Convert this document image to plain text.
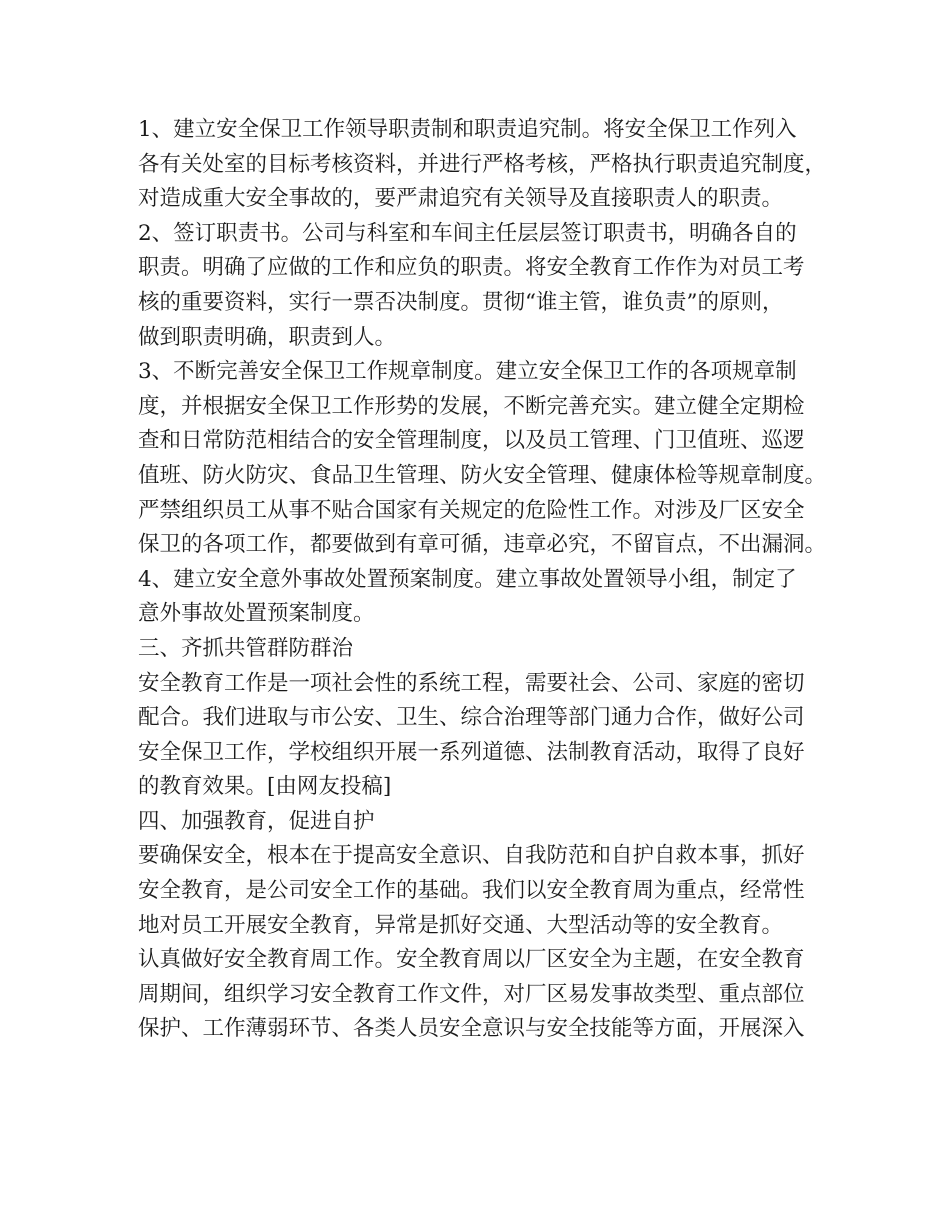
1、建立安全保卫工作领导职责制和职责追究制。将安全保卫工作列入
各有关处室的目标考核资料，并进行严格考核，严格执行职责追究制度，
对造成重大安全事故的，要严肃追究有关领导及直接职责人的职责。
2、签订职责书。公司与科室和车间主任层层签订职责书，明确各自的
职责。明确了应做的工作和应负的职责。将安全教育工作作为对员工考
核的重要资料，实行一票否决制度。贯彻“谁主管，谁负责”的原则，
做到职责明确，职责到人。
3、不断完善安全保卫工作规章制度。建立安全保卫工作的各项规章制
度，并根据安全保卫工作形势的发展，不断完善充实。建立健全定期检
查和日常防范相结合的安全管理制度，以及员工管理、门卫值班、巡逻
值班、防火防灾、食品卫生管理、防火安全管理、健康体检等规章制度。
严禁组织员工从事不贴合国家有关规定的危险性工作。对涉及厂区安全
保卫的各项工作，都要做到有章可循，违章必究，不留盲点，不出漏洞。
4、建立安全意外事故处置预案制度。建立事故处置领导小组，制定了
意外事故处置预案制度。
三、齐抓共管群防群治
安全教育工作是一项社会性的系统工程，需要社会、公司、家庭的密切
配合。我们进取与市公安、卫生、综合治理等部门通力合作，做好公司
安全保卫工作，学校组织开展一系列道德、法制教育活动，取得了良好
的教育效果。[由网友投稿]
四、加强教育，促进自护
要确保安全，根本在于提高安全意识、自我防范和自护自救本事，抓好
安全教育，是公司安全工作的基础。我们以安全教育周为重点，经常性
地对员工开展安全教育，异常是抓好交通、大型活动等的安全教育。
认真做好安全教育周工作。安全教育周以厂区安全为主题，在安全教育
周期间，组织学习安全教育工作文件，对厂区易发事故类型、重点部位
保护、工作薄弱环节、各类人员安全意识与安全技能等方面，开展深入
